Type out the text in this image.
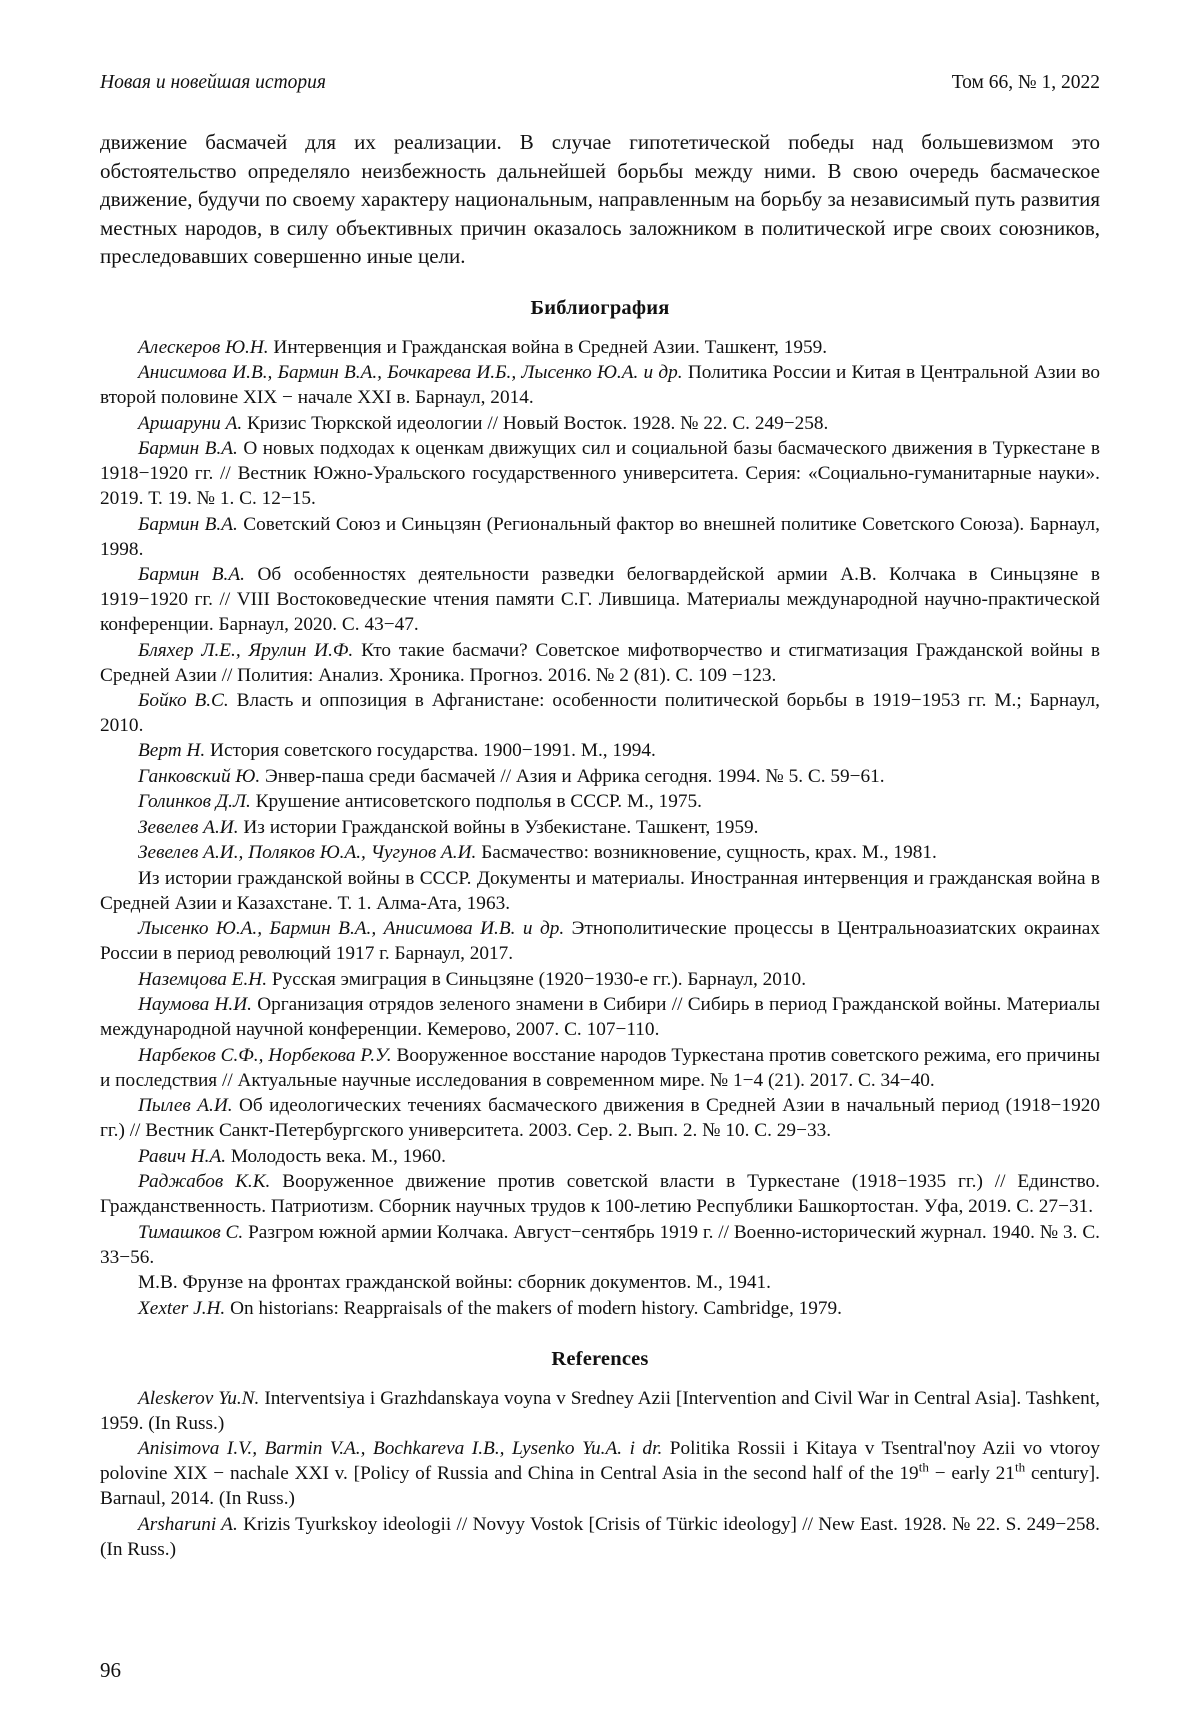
Новая и новейшая история	Том 66, № 1, 2022

движение басмачей для их реализации. В случае гипотетической победы над большевизмом это обстоятельство определяло неизбежность дальнейшей борьбы между ними. В свою очередь басмаческое движение, будучи по своему характеру национальным, направленным на борьбу за независимый путь развития местных народов, в силу объективных причин оказалось заложником в политической игре своих союзников, преследовавших совершенно иные цели.

Библиография

Алескеров Ю.Н. Интервенция и Гражданская война в Средней Азии. Ташкент, 1959.

Анисимова И.В., Бармин В.А., Бочкарева И.Б., Лысенко Ю.А. и др. Политика России и Китая в Центральной Азии во второй половине XIX − начале XXI в. Барнаул, 2014.

Аршаруни А. Кризис Тюркской идеологии // Новый Восток. 1928. № 22. С. 249−258.

Бармин В.А. О новых подходах к оценкам движущих сил и социальной базы басмаческого движения в Туркестане в 1918−1920 гг. // Вестник Южно-Уральского государственного университета. Серия: «Социально-гуманитарные науки». 2019. Т. 19. № 1. С. 12−15.

Бармин В.А. Советский Союз и Синьцзян (Региональный фактор во внешней политике Советского Союза). Барнаул, 1998.

Бармин В.А. Об особенностях деятельности разведки белогвардейской армии А.В. Колчака в Синьцзяне в 1919−1920 гг. // VIII Востоковедческие чтения памяти С.Г. Лившица. Материалы международной научно-практической конференции. Барнаул, 2020. С. 43−47.

Бляхер Л.Е., Ярулин И.Ф. Кто такие басмачи? Советское мифотворчество и стигматизация Гражданской войны в Средней Азии // Полития: Анализ. Хроника. Прогноз. 2016. № 2 (81). С. 109 −123.

Бойко В.С. Власть и оппозиция в Афганистане: особенности политической борьбы в 1919−1953 гг. М.; Барнаул, 2010.

Верт Н. История советского государства. 1900−1991. М., 1994.

Ганковский Ю. Энвер-паша среди басмачей // Азия и Африка сегодня. 1994. № 5. С. 59−61.

Голинков Д.Л. Крушение антисоветского подполья в СССР. М., 1975.

Зевелев А.И. Из истории Гражданской войны в Узбекистане. Ташкент, 1959.

Зевелев А.И., Поляков Ю.А., Чугунов А.И. Басмачество: возникновение, сущность, крах. М., 1981.

Из истории гражданской войны в СССР. Документы и материалы. Иностранная интервенция и гражданская война в Средней Азии и Казахстане. Т. 1. Алма-Ата, 1963.

Лысенко Ю.А., Бармин В.А., Анисимова И.В. и др. Этнополитические процессы в Центральноазиатских окраинах России в период революций 1917 г. Барнаул, 2017.

Наземцова Е.Н. Русская эмиграция в Синьцзяне (1920−1930-е гг.). Барнаул, 2010.

Наумова Н.И. Организация отрядов зеленого знамени в Сибири // Сибирь в период Гражданской войны. Материалы международной научной конференции. Кемерово, 2007. С. 107−110.

Нарбеков С.Ф., Норбекова Р.У. Вооруженное восстание народов Туркестана против советского режима, его причины и последствия // Актуальные научные исследования в современном мире. № 1−4 (21). 2017. С. 34−40.

Пылев А.И. Об идеологических течениях басмаческого движения в Средней Азии в начальный период (1918−1920 гг.) // Вестник Санкт-Петербургского университета. 2003. Сер. 2. Вып. 2. № 10. С. 29−33.

Равич Н.А. Молодость века. М., 1960.

Раджабов К.К. Вооруженное движение против советской власти в Туркестане (1918−1935 гг.) // Единство. Гражданственность. Патриотизм. Сборник научных трудов к 100-летию Республики Башкортостан. Уфа, 2019. С. 27−31.

Тимашков С. Разгром южной армии Колчака. Август−сентябрь 1919 г. // Военно-исторический журнал. 1940. № 3. С. 33−56.

М.В. Фрунзе на фронтах гражданской войны: сборник документов. М., 1941.

Xexter J.H. On historians: Reappraisals of the makers of modern history. Cambridge, 1979.

References

Aleskerov Yu.N. Interventsiya i Grazhdanskaya voyna v Sredney Azii [Intervention and Civil War in Central Asia]. Tashkent, 1959. (In Russ.)

Anisimova I.V., Barmin V.A., Bochkareva I.B., Lysenko Yu.A. i dr. Politika Rossii i Kitaya v Tsentral'noy Azii vo vtoroy polovine XIX − nachale XXI v. [Policy of Russia and China in Central Asia in the second half of the 19th − early 21th century]. Barnaul, 2014. (In Russ.)

Arsharuni A. Krizis Tyurkskoy ideologii // Novyy Vostok [Crisis of Türkic ideology] // New East. 1928. № 22. S. 249−258. (In Russ.)

96
